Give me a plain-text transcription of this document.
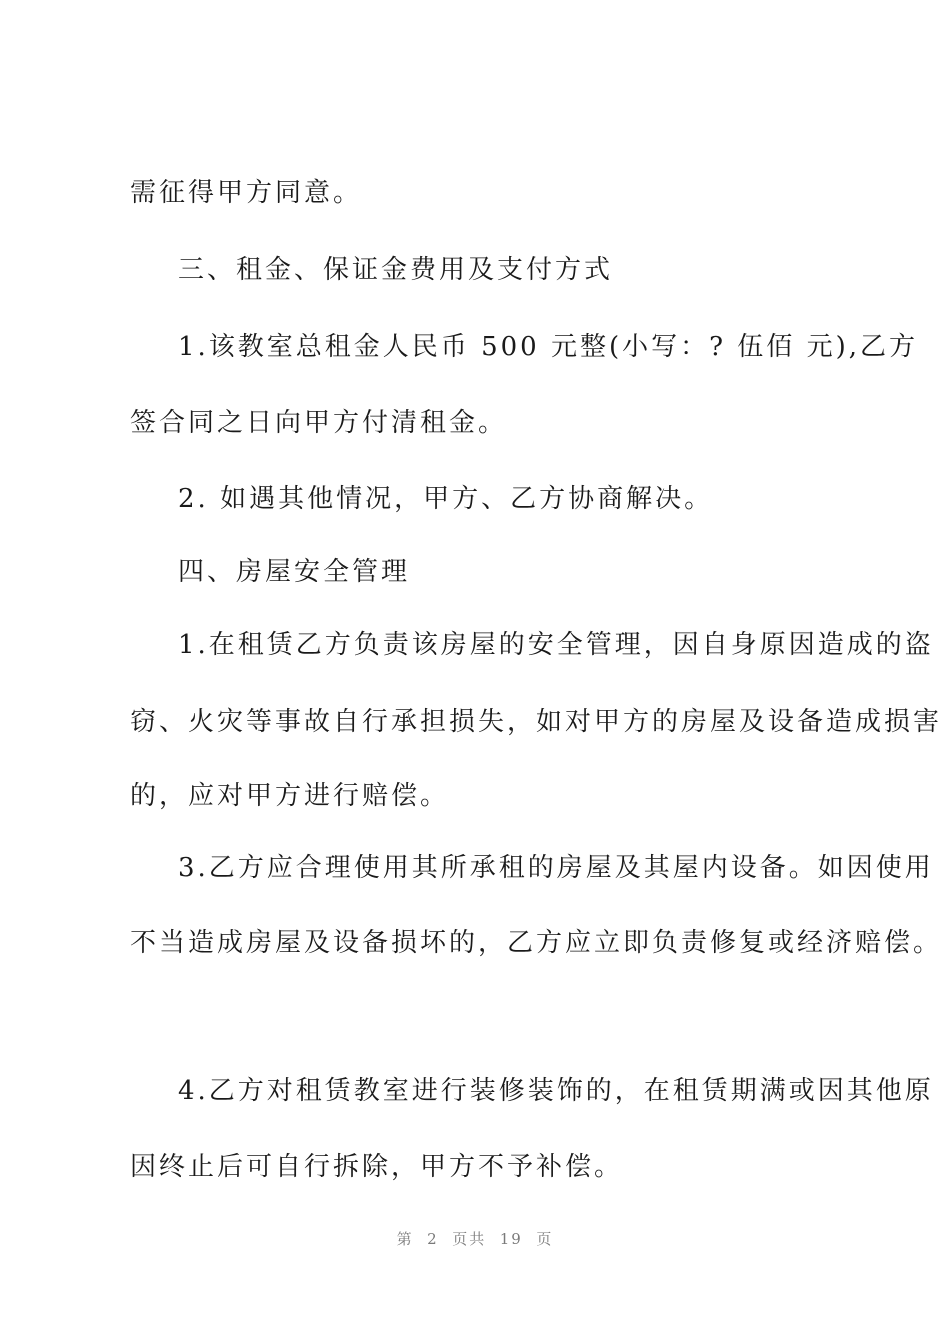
需征得甲方同意。
三、租金、保证金费用及支付方式
1.该教室总租金人民币 500 元整(小写：? 伍佰 元),乙方
签合同之日向甲方付清租金。
2. 如遇其他情况，甲方、乙方协商解决。
四、房屋安全管理
1.在租赁乙方负责该房屋的安全管理，因自身原因造成的盗
窃、火灾等事故自行承担损失，如对甲方的房屋及设备造成损害
的，应对甲方进行赔偿。
3.乙方应合理使用其所承租的房屋及其屋内设备。如因使用
不当造成房屋及设备损坏的，乙方应立即负责修复或经济赔偿。
4.乙方对租赁教室进行装修装饰的，在租赁期满或因其他原
因终止后可自行拆除，甲方不予补偿。
第  2  页共  19  页
